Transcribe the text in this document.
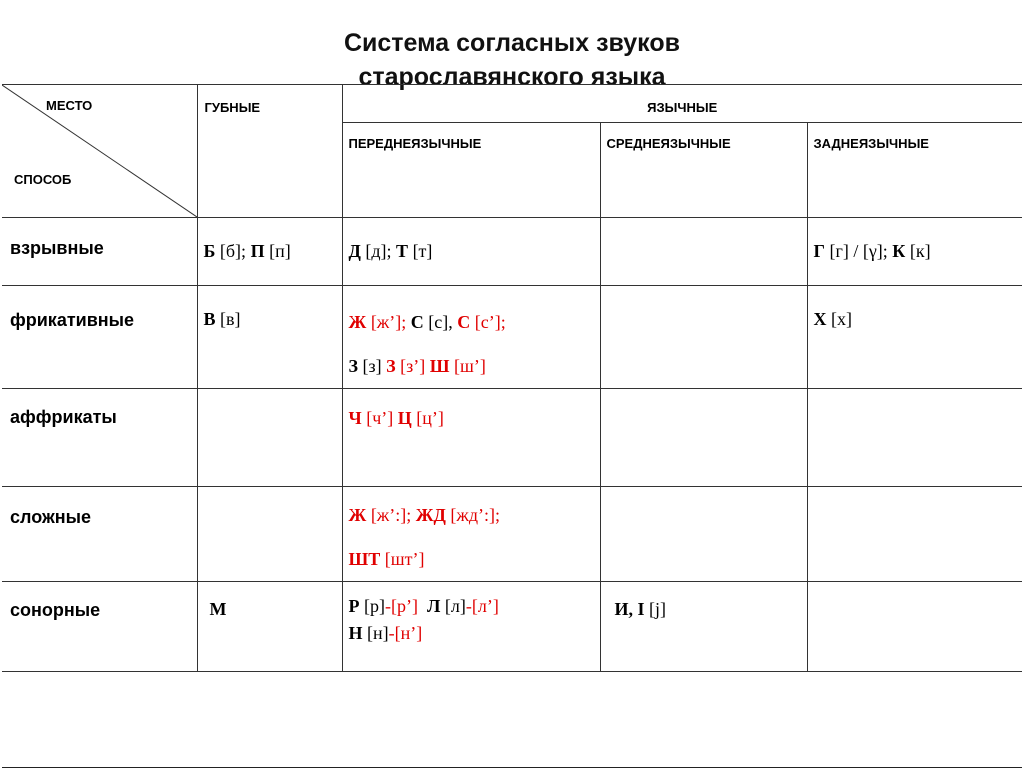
Система согласных звуков
старославянского языка
МЕСТО
СПОСОБ	ГУБНЫЕ	ЯЗЫЧНЫЕ		

		ПЕРЕДНЕЯЗЫЧНЫЕ	СРЕДНЕЯЗЫЧНЫЕ	ЗАДНЕЯЗЫЧНЫЕ

взрывные	Б [б]; П [п]	Д [д]; Т [т]		Г [г] / [γ]; К [к]

фрикативные	В [в]	Ж [ж’]; С [с], С [с’];
З [з] З [з’] Ш [ш’]		Х [х]

аффрикаты		Ч [ч’] Ц [ц’]		

сложные		Ж [ж’:]; ЖД [жд’:];
ШТ [шт’]		

сонорные	М	Р [р]-[р’] Л [л]-[л’]
Н [н]-[н’]	И, І [j]	
